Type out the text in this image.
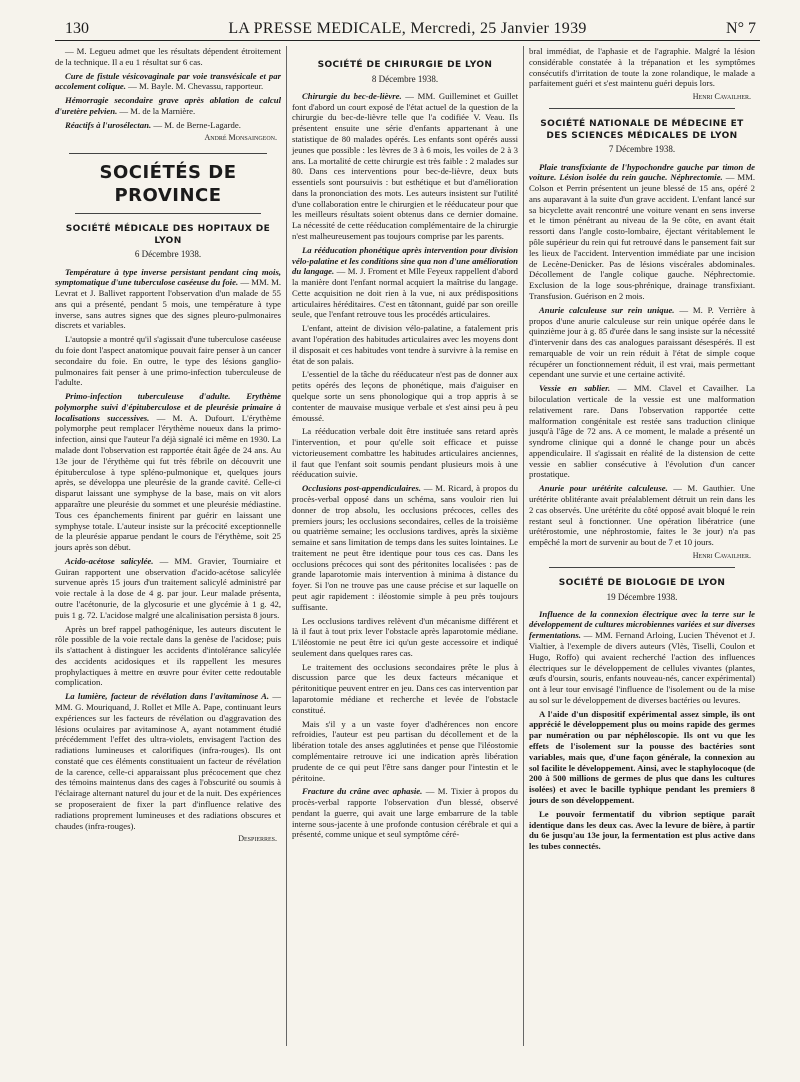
130	LA PRESSE MEDICALE, Mercredi, 25 Janvier 1939	N° 7

— M. Legueu admet que les résultats dépendent étroitement de la technique. Il a eu 1 résultat sur 6 cas.

Cure de fistule vésicovaginale par voie transvésicale et par accolement colique. — M. Bayle. M. Chevassu, rapporteur.

Hémorragie secondaire grave après ablation de calcul d'uretère pelvien. — M. de la Marnière.

Réactifs à l'urosélectan. — M. de Berne-Lagarde.

André Monsaingeon.
SOCIÉTÉS DE PROVINCE
SOCIÉTÉ MÉDICALE DES HOPITAUX DE LYON
6 Décembre 1938.

Température à type inverse persistant pendant cinq mois, symptomatique d'une tuberculose caséeuse du foie. — MM. M. Levrat et J. Ballivet rapportent l'observation d'un malade de 55 ans qui a présenté, pendant 5 mois, une température à type inverse, sans autres signes que des signes pleuro-pulmonaires discrets et variables.

L'autopsie a montré qu'il s'agissait d'une tuberculose caséeuse du foie dont l'aspect anatomique pouvait faire penser à un cancer secondaire du foie. En outre, le type des lésions ganglio-pulmonaires fait penser à une primo-infection tuberculeuse de l'adulte.

Primo-infection tuberculeuse d'adulte. Erythème polymorphe suivi d'épituberculose et de pleurésie primaire à localisations successives. — M. A. Dufourt. L'érythème polymorphe peut remplacer l'érythème noueux dans la primo-infection, ainsi que l'auteur l'a déjà signalé ici même en 1930. La malade dont l'observation est rapportée était âgée de 24 ans. Au 13e jour de l'érythème qui fut très fébrile on découvrit une épituberculose à type spléno-pulmonique et, quelques jours après, se développa une pleurésie de la grande cavité. Celle-ci disparut laissant une symphyse de la base, mais on vit alors apparaître une pleurésie du sommet et une pleurésie médiastine. Tous ces épanchements finirent par guérir en laissant une symphyse totale. L'auteur insiste sur la précocité exceptionnelle de la pleurésie apparue pendant le cours de l'érythème, soit 25 jours après son début.

Acido-acétose salicylée. — MM. Gravier, Tourniaire et Guiran rapportent une observation d'acido-acétose salicylée survenue après 15 jours d'un traitement salicylé administré par voie rectale à la dose de 4 g. par jour. Leur malade présenta, outre l'acétonurie, de la glycosurie et une glycémie à 1 g. 42, puis 1 g. 72. L'acidose malgré une alcalinisation persista 8 jours.

Après un bref rappel pathogénique, les auteurs discutent le rôle possible de la voie rectale dans la genèse de l'acidose; puis ils s'attachent à distinguer les accidents d'intolérance salicylée des accidents acidosiques et ils rappellent les mesures prophylactiques à mettre en œuvre pour éviter cette redoutable complication.

La lumière, facteur de révélation dans l'avitaminose A. — MM. G. Mouriquand, J. Rollet et Mlle A. Pape, continuant leurs expériences sur les facteurs de révélation ou d'aggravation des lésions oculaires par avitaminose A, ayant notamment étudié précédemment l'effet des ultra-violets, envisagent l'action des radiations lumineuses et calorifiques (infra-rouges). Ils ont constaté que ces éléments constituaient un facteur de révélation de la carence, celle-ci apparaissant plus précocement que chez des témoins maintenus dans des cages à l'obscurité ou soumis à l'éclairage alternant naturel du jour et de la nuit. Des expériences se proposeraient de fixer la part d'influence relative des radiations proprement lumineuses et des radiations obscures et chaudes (infra-rouges).

Despierres.
SOCIÉTÉ DE CHIRURGIE DE LYON
8 Décembre 1938.

Chirurgie du bec-de-lièvre. — MM. Guilleminet et Guillet font d'abord un court exposé de l'état actuel de la question de la chirurgie du bec-de-lièvre telle que l'a codifiée V. Veau. Ils présentent ensuite une série d'enfants appartenant à une statistique de 80 malades opérés. Les enfants sont opérés aussi jeunes que possible : les lèvres de 3 à 6 mois, les voiles de 2 à 3 ans. La mortalité de cette chirurgie est très faible : 2 malades sur 80. Dans ces interventions pour bec-de-lièvre, deux buts essentiels sont poursuivis : but esthétique et but d'amélioration dans la prononciation des mots. Les auteurs insistent sur l'utilité d'une collaboration entre le chirurgien et le rééducateur pour que les meilleurs résultats soient obtenus dans ce dernier domaine. La nécessité de cette rééducation complémentaire de la chirurgie n'est malheureusement pas toujours comprise par les parents.

La rééducation phonétique après intervention pour division vélo-palatine et les conditions sine qua non d'une amélioration du langage. — M. J. Froment et Mlle Feyeux rappellent d'abord la manière dont l'enfant normal acquiert la maîtrise du langage. Cette acquisition ne doit rien à la vue, ni aux prédispositions articulaires héréditaires. C'est en tâtonnant, guidé par son oreille seule, que l'enfant retrouve tous les procédés articulaires.

L'enfant, atteint de division vélo-palatine, a fatalement pris avant l'opération des habitudes articulaires avec les moyens dont il disposait et ces habitudes vont tendre à survivre à la remise en état de son palais.

L'essentiel de la tâche du rééducateur n'est pas de donner aux petits opérés des leçons de phonétique, mais d'aiguiser en quelque sorte un sens phonologique qui a trop appris à se contenter de mauvaise musique verbale et s'est ainsi peu à peu émoussé.

La rééducation verbale doit être instituée sans retard après l'intervention, et pour qu'elle soit efficace et puisse victorieusement combattre les habitudes articulaires anciennes, il faut que l'enfant soit soumis pendant plusieurs mois à une rééducation suivie.

Occlusions post-appendiculaires. — M. Ricard, à propos du procès-verbal opposé dans un schéma, sans vouloir rien lui donner de trop absolu, les occlusions précoces, celles des premiers jours; les occlusions secondaires, celles de la troisième ou quatrième semaine; les occlusions tardives, après la sixième semaine et sans limitation de temps dans les suites lointaines. Le traitement ne peut être identique pour tous ces cas. Dans les occlusions précoces qui sont des péritonites localisées : pas de grande laparotomie mais intervention à minima à distance du foyer. Si l'on ne trouve pas une cause précise et sur laquelle on peut agir rapidement : iléostomie simple à peu près toujours suffisante.

Les occlusions tardives relèvent d'un mécanisme différent et là il faut à tout prix lever l'obstacle après laparotomie médiane. L'iléostomie ne peut être ici qu'un geste accessoire et indiqué seulement dans quelques rares cas.

Le traitement des occlusions secondaires prête le plus à discussion parce que les deux facteurs mécanique et péritonitique peuvent entrer en jeu. Dans ces cas intervention par laparotomie médiane et recherche et levée de l'obstacle constitué.

Mais s'il y a un vaste foyer d'adhérences non encore refroidies, l'auteur est peu partisan du décollement et de la libération totale des anses agglutinées et pense que l'iléostomie complémentaire retrouve ici une indication après libération prudente de ce qui peut l'être sans danger pour l'intestin et le péritoine.

Fracture du crâne avec aphasie. — M. Tixier à propos du procès-verbal rapporte l'observation d'un blessé, observé pendant la guerre, qui avait une large embarrure de la table interne sous-jacente à une profonde contusion cérébrale et qui a présenté, comme unique et seul symptôme céré-

bral immédiat, de l'aphasie et de l'agraphie. Malgré la lésion considérable constatée à la trépanation et les symptômes consécutifs d'irritation de toute la zone rolandique, le malade a parfaitement guéri et s'est maintenu guéri depuis lors.

Henri Cavailher.
SOCIÉTÉ NATIONALE DE MÉDECINE ET DES SCIENCES MÉDICALES DE LYON
7 Décembre 1938.

Plaie transfixiante de l'hypochondre gauche par timon de voiture. Lésion isolée du rein gauche. Néphrectomie. — MM. Colson et Perrin présentent un jeune blessé de 15 ans, opéré 2 ans auparavant à la suite d'un grave accident. L'enfant lancé sur sa bicyclette avait rencontré une voiture venant en sens inverse et le timon pénétrant au niveau de la 9e côte, en avant était ressorti dans l'angle costo-lombaire, éjectant véritablement le pôle supérieur du rein qui fut retrouvé dans le pansement fait sur les lieux de l'accident. Intervention immédiate par une incision de Lecène-Denicker. Pas de lésions viscérales abdominales. Décollement de l'angle colique gauche. Néphrectomie. Exclusion de la loge sous-phrénique, drainage transfixiant. Transfusion. Guérison en 2 mois.

Anurie calculeuse sur rein unique. — M. P. Verrière à propos d'une anurie calculeuse sur rein unique opérée dans le quinzième jour à g. 85 d'urée dans le sang insiste sur la nécessité d'intervenir dans des cas analogues paraissant désespérés. Il est remarquable de voir un rein réduit à l'état de simple coque récupérer un fonctionnement réduit, il est vrai, mais permettant cependant une survie et une certaine activité.

Vessie en sablier. — MM. Clavel et Cavailher. La biloculation verticale de la vessie est une malformation relativement rare. Dans l'observation rapportée cette malformation congénitale est restée sans traduction clinique jusqu'à l'âge de 72 ans. A ce moment, le malade a présenté un syndrome clinique qui a donné le change pour un abcès appendiculaire. Il s'agissait en réalité de la distension de cette vessie en sablier consécutive à l'évolution d'un cancer prostatique.

Anurie pour urétérite calculeuse. — M. Gauthier. Une urétérite oblitérante avait préalablement détruit un rein dans les 2 cas observés. Une urétérite du côté opposé avait bloqué le rein restant seul à fonctionner. Une opération libératrice (une urétérostomie, une néphrostomie, faites le 3e jour) n'a pas empêché la mort de survenir au bout de 7 et 10 jours.

Henri Cavailher.
SOCIÉTÉ DE BIOLOGIE DE LYON
19 Décembre 1938.

Influence de la connexion électrique avec la terre sur le développement de cultures microbiennes variées et sur diverses fermentations. — MM. Fernand Arloing, Lucien Thévenot et J. Vialtier, à l'exemple de divers auteurs (Vlès, Tiselli, Coulon et Hugo, Roffo) qui avaient recherché l'action des influences électriques sur le développement de cellules vivantes (plantes, œufs d'oursin, souris, enfants nouveau-nés, cancer expérimental) ont à leur tour envisagé l'influence de l'isolement ou de la mise au sol sur le développement de diverses bactéries ou levures.

A l'aide d'un dispositif expérimental assez simple, ils ont apprécié le développement plus ou moins rapide des germes par numération ou par néphéloscopie. Ils ont vu que les effets de l'isolement sur la pousse des bactéries sont variables, mais que, d'une façon générale, la connexion au sol facilite le développement. Ainsi, avec le staphylocoque (de 200 à 500 millions de germes de plus que dans les cultures isolées) et avec le bacille typhique pendant les premiers 8 jours de son développement.

Le pouvoir fermentatif du vibrion septique paraît identique dans les deux cas. Avec la levure de bière, à partir du 6e jusqu'au 13e jour, la fermentation est plus active dans les tubes connectés.
